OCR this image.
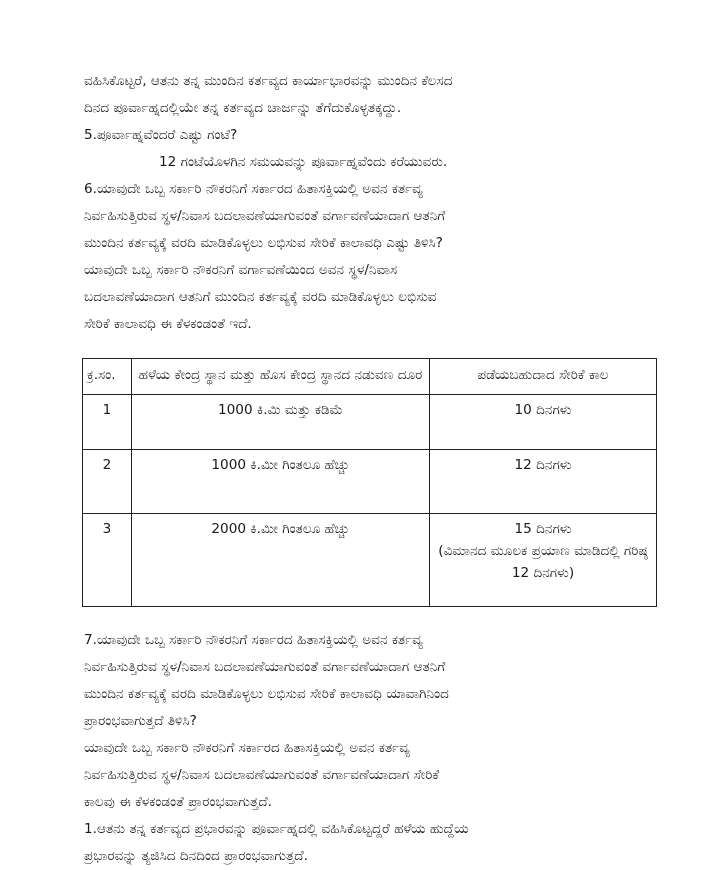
ವಹಿಸಿಕೊಟ್ಟರೆ, ಆತನು ತನ್ನ ಮುಂದಿನ ಕರ್ತವ್ಯದ ಕಾರ್ಯಾಭಾರವನ್ನು ಮುಂದಿನ ಕೆಲಸದ
ದಿನದ ಪೂರ್ವಾಹ್ನದಲ್ಲಿಯೇ ತನ್ನ ಕರ್ತವ್ಯದ ಚಾರ್ಜನ್ನು ತೆಗೆದುಕೊಳ್ಳತಕ್ಕದ್ದು.

5.ಪೂರ್ವಾಹ್ನವೆಂದರೆ ಎಷ್ಟು ಗಂಟೆ?

12 ಗಂಟೆಯೊಳಗಿನ ಸಮಯವನ್ನು ಪೂರ್ವಾಹ್ನವೆಂದು ಕರೆಯುವರು.

6.ಯಾವುದೇ ಒಬ್ಬ ಸರ್ಕಾರಿ ನೌಕರನಿಗೆ ಸರ್ಕಾರದ ಹಿತಾಸಕ್ತಿಯಲ್ಲಿ ಅವನ ಕರ್ತವ್ಯ
ನಿರ್ವಹಿಸುತ್ತಿರುವ ಸ್ಥಳ/ನಿವಾಸ ಬದಲಾವಣೆಯಾಗುವಂತೆ ವರ್ಗಾವಣೆಯಾದಾಗ ಆತನಿಗೆ
ಮುಂದಿನ ಕರ್ತವ್ಯಕ್ಕೆ ವರದಿ ಮಾಡಿಕೊಳ್ಳಲು ಲಭಿಸುವ ಸೇರಿಕೆ ಕಾಲಾವಧಿ ಎಷ್ಟು ತಿಳಿಸಿ?

ಯಾವುದೇ ಒಬ್ಬ ಸರ್ಕಾರಿ ನೌಕರನಿಗೆ ವರ್ಗಾವಣೆಯಿಂದ ಅವನ ಸ್ಥಳ/ನಿವಾಸ
ಬದಲಾವಣೆಯಾದಾಗ ಆತನಿಗೆ ಮುಂದಿನ ಕರ್ತವ್ಯಕ್ಕೆ ವರದಿ ಮಾಡಿಕೊಳ್ಳಲು ಲಭಿಸುವ
ಸೇರಿಕೆ ಕಾಲಾವಧಿ ಈ ಕೆಳಕಂಡಂತೆ ಇದೆ.

ಕ್ರ.ಸಂ.	ಹಳೆಯ ಕೇಂದ್ರ ಸ್ಥಾನ ಮತ್ತು ಹೊಸ ಕೇಂದ್ರ ಸ್ಥಾನದ ನಡುವಣ ದೂರ	ಪಡೆಯಬಹುದಾದ ಸೇರಿಕೆ ಕಾಲ
1	1000 ಕಿ.ಮಿ ಮತ್ತು ಕಡಿಮೆ	10 ದಿನಗಳು
2	1000 ಕಿ.ಮೀ ಗಿಂತಲೂ ಹೆಚ್ಚು	12 ದಿನಗಳು
3	2000 ಕಿ.ಮೀ ಗಿಂತಲೂ ಹೆಚ್ಚು	15 ದಿನಗಳು
(ವಿಮಾನದ ಮೂಲಕ ಪ್ರಯಾಣ ಮಾಡಿದಲ್ಲಿ ಗರಿಷ್ಠ 12 ದಿನಗಳು)

7.ಯಾವುದೇ ಒಬ್ಬ ಸರ್ಕಾರಿ ನೌಕರನಿಗೆ ಸರ್ಕಾರದ ಹಿತಾಸಕ್ತಿಯಲ್ಲಿ ಅವನ ಕರ್ತವ್ಯ
ನಿರ್ವಹಿಸುತ್ತಿರುವ ಸ್ಥಳ/ನಿವಾಸ ಬದಲಾವಣೆಯಾಗುವಂತೆ ವರ್ಗಾವಣೆಯಾದಾಗ ಆತನಿಗೆ
ಮುಂದಿನ ಕರ್ತವ್ಯಕ್ಕೆ ವರದಿ ಮಾಡಿಕೊಳ್ಳಲು ಲಭಿಸುವ ಸೇರಿಕೆ ಕಾಲಾವಧಿ ಯಾವಾಗಿನಿಂದ
ಪ್ರಾರಂಭವಾಗುತ್ತದೆ ತಿಳಿಸಿ?

ಯಾವುದೇ ಒಬ್ಬ ಸರ್ಕಾರಿ ನೌಕರನಿಗೆ ಸರ್ಕಾರದ ಹಿತಾಸಕ್ತಿಯಲ್ಲಿ ಅವನ ಕರ್ತವ್ಯ
ನಿರ್ವಹಿಸುತ್ತಿರುವ ಸ್ಥಳ/ನಿವಾಸ ಬದಲಾವಣೆಯಾಗುವಂತೆ ವರ್ಗಾವಣೆಯಾದಾಗ ಸೇರಿಕೆ
ಕಾಲವು ಈ ಕೆಳಕಂಡಂತೆ ಪ್ರಾರಂಭವಾಗುತ್ತದೆ.

1.ಆತನು ತನ್ನ ಕರ್ತವ್ಯದ ಪ್ರಭಾರವನ್ನು ಪೂರ್ವಾಹ್ನದಲ್ಲಿ ವಹಿಸಿಕೊಟ್ಟದ್ದರೆ ಹಳೆಯ ಹುದ್ದೆಯ
ಪ್ರಭಾರವನ್ನು ತ್ಯಜಿಸಿದ ದಿನದಿಂದ ಪ್ರಾರಂಭವಾಗುತ್ತದೆ.
